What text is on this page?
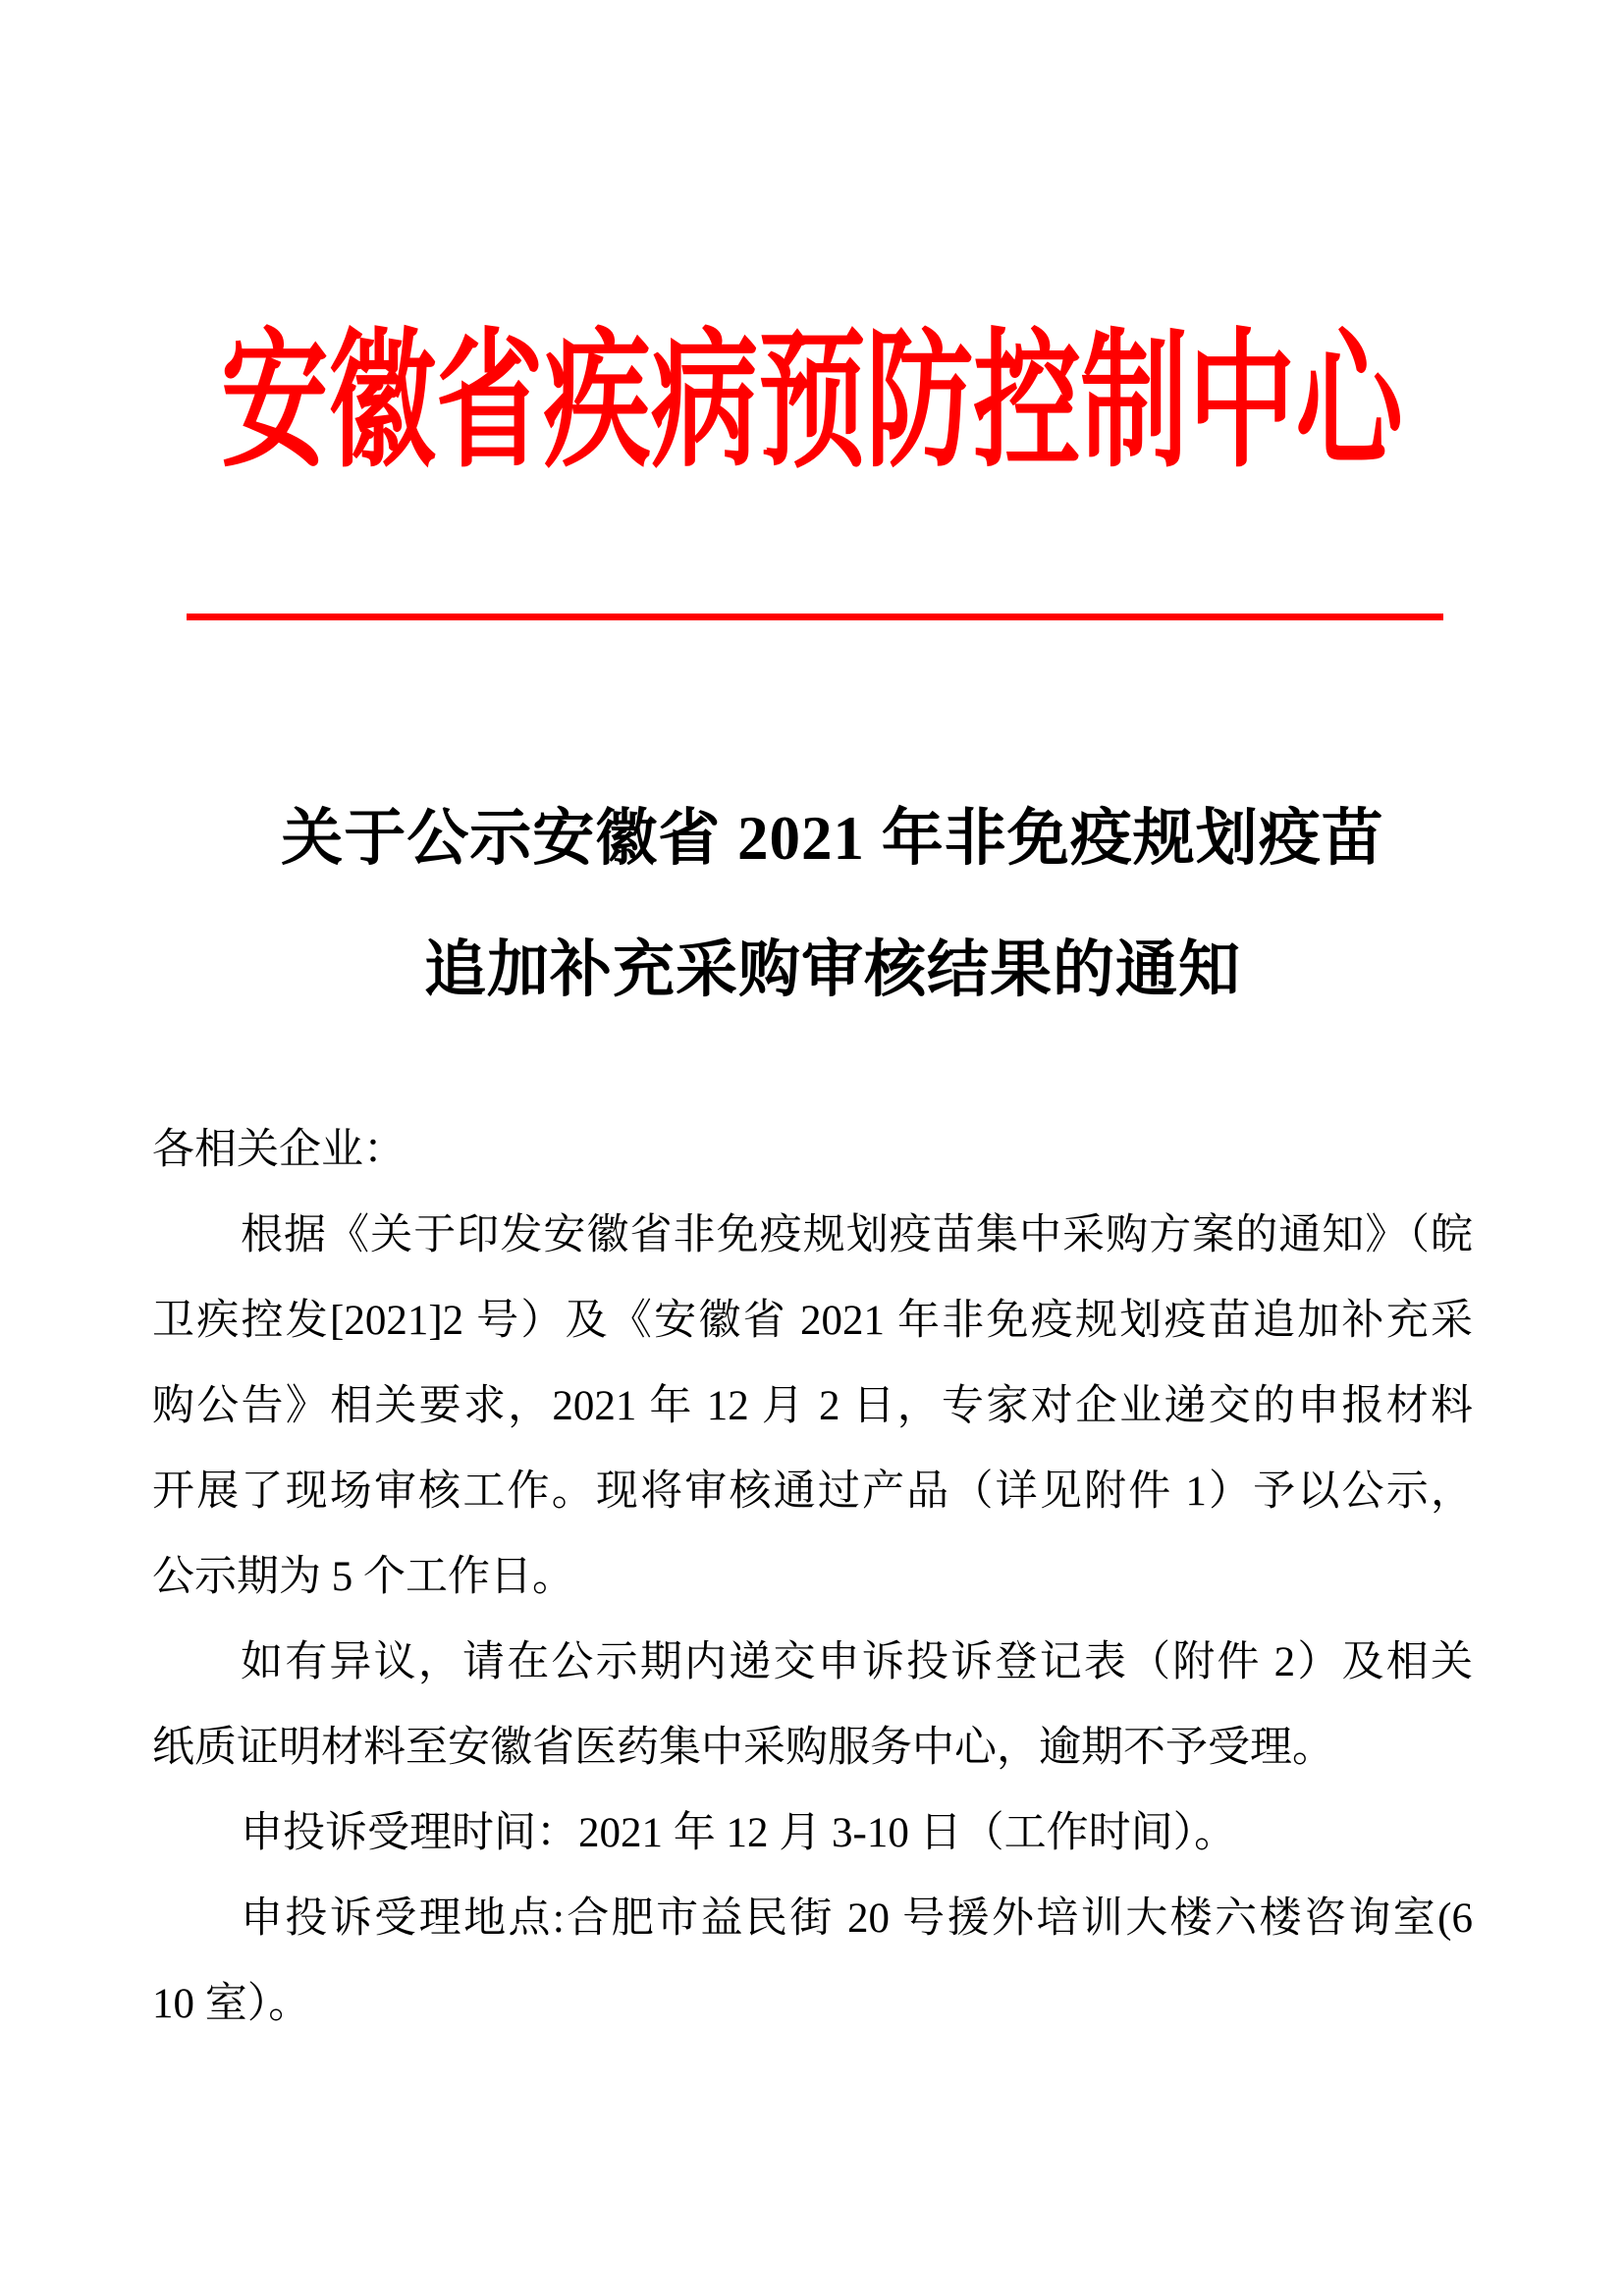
安徽省疾病预防控制中心
关于公示安徽省 2021 年非免疫规划疫苗
追加补充采购审核结果的通知
各相关企业：
根据《关于印发安徽省非免疫规划疫苗集中采购方案的通知》（皖
卫疾控发[2021]2 号）及《安徽省 2021 年非免疫规划疫苗追加补充采
购公告》相关要求，2021 年 12 月 2 日，专家对企业递交的申报材料
开展了现场审核工作。现将审核通过产品（详见附件 1）予以公示，
公示期为 5 个工作日。
如有异议，请在公示期内递交申诉投诉登记表（附件 2）及相关
纸质证明材料至安徽省医药集中采购服务中心，逾期不予受理。
申投诉受理时间：2021 年 12 月 3-10 日（工作时间）。
申投诉受理地点:合肥市益民街 20 号援外培训大楼六楼咨询室(6
10 室）。
